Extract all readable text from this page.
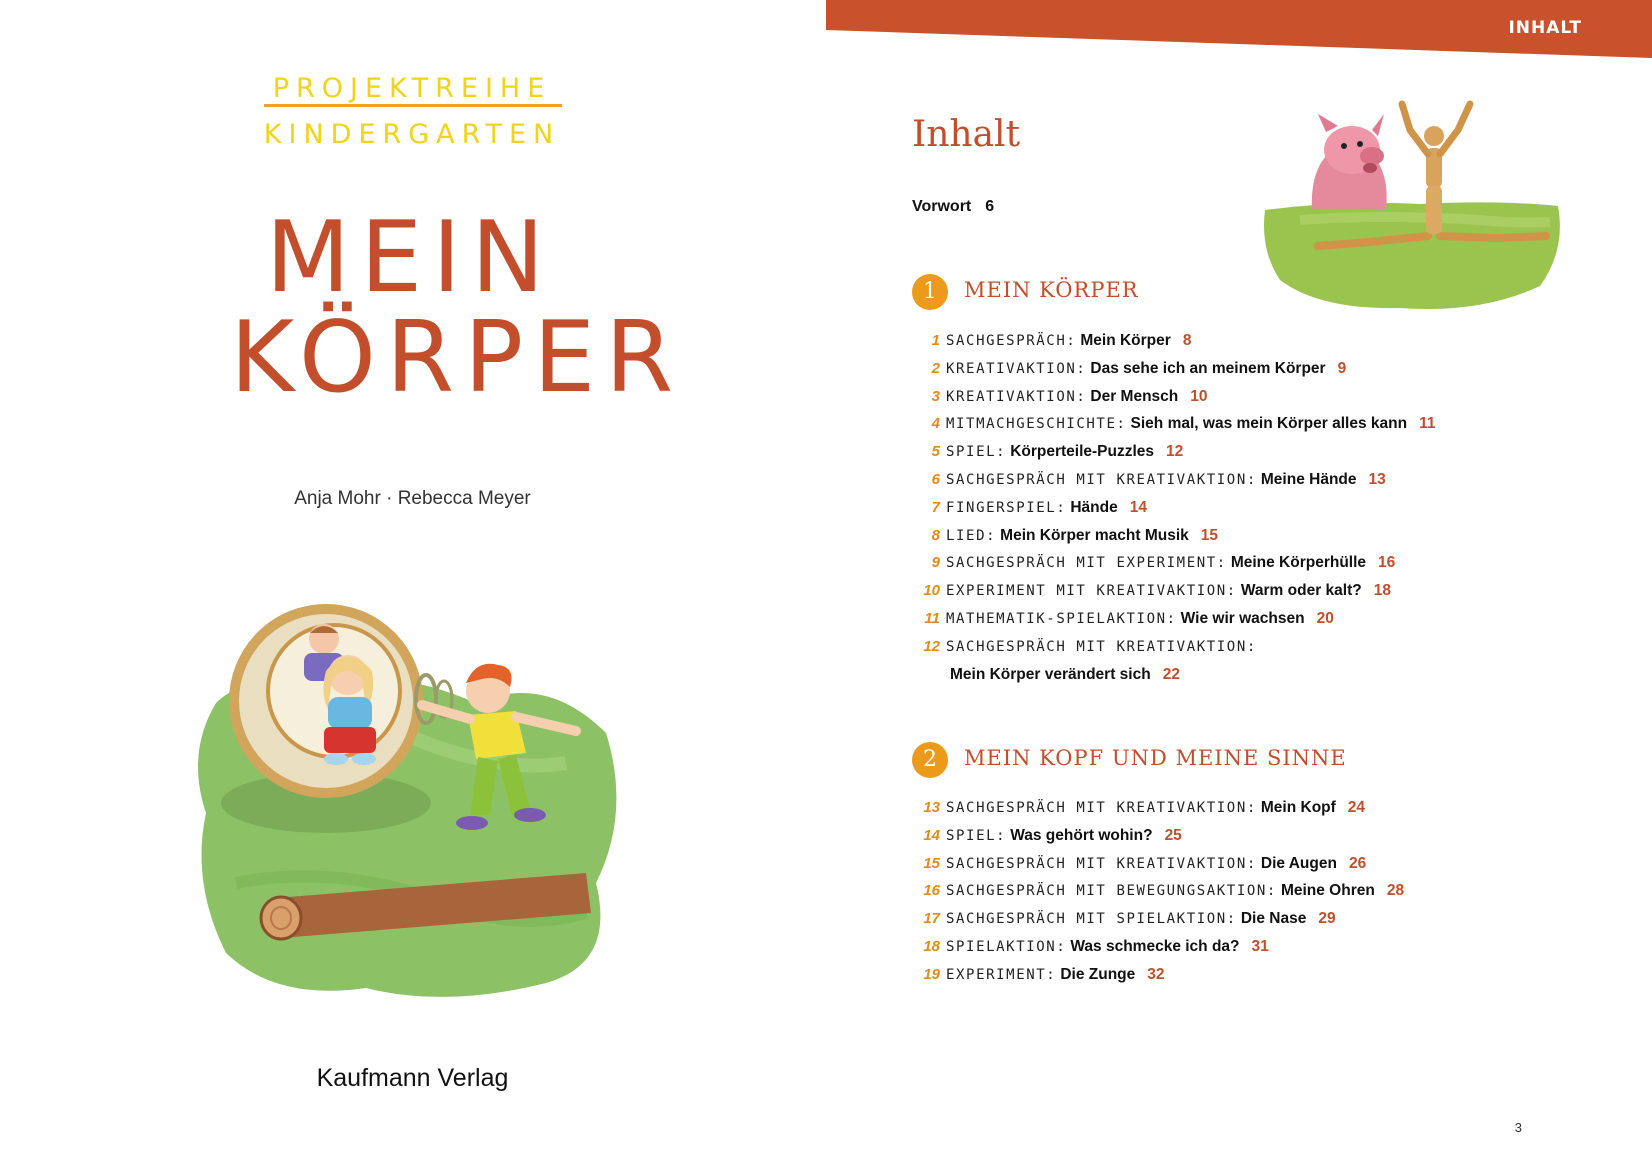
PROJEKTREIHE
KINDERGARTEN
MEIN
KÖRPER
Anja Mohr · Rebecca Meyer
Kaufmann Verlag
INHALT
Inhalt
Vorwort 6
1	MEIN KÖRPER
1 SACHGESPRÄCH: Mein Körper 8
2 KREATIVAKTION: Das sehe ich an meinem Körper 9
3 KREATIVAKTION: Der Mensch 10
4 MITMACHGESCHICHTE: Sieh mal, was mein Körper alles kann 11
5 SPIEL: Körperteile-Puzzles 12
6 SACHGESPRÄCH MIT KREATIVAKTION: Meine Hände 13
7 FINGERSPIEL: Hände 14
8 LIED: Mein Körper macht Musik 15
9 SACHGESPRÄCH MIT EXPERIMENT: Meine Körperhülle 16
10 EXPERIMENT MIT KREATIVAKTION: Warm oder kalt? 18
11 MATHEMATIK-SPIELAKTION: Wie wir wachsen 20
12 SACHGESPRÄCH MIT KREATIVAKTION:
Mein Körper verändert sich 22
2	MEIN KOPF UND MEINE SINNE
13 SACHGESPRÄCH MIT KREATIVAKTION: Mein Kopf 24
14 SPIEL: Was gehört wohin? 25
15 SACHGESPRÄCH MIT KREATIVAKTION: Die Augen 26
16 SACHGESPRÄCH MIT BEWEGUNGSAKTION: Meine Ohren 28
17 SACHGESPRÄCH MIT SPIELAKTION: Die Nase 29
18 SPIELAKTION: Was schmecke ich da? 31
19 EXPERIMENT: Die Zunge 32
3
